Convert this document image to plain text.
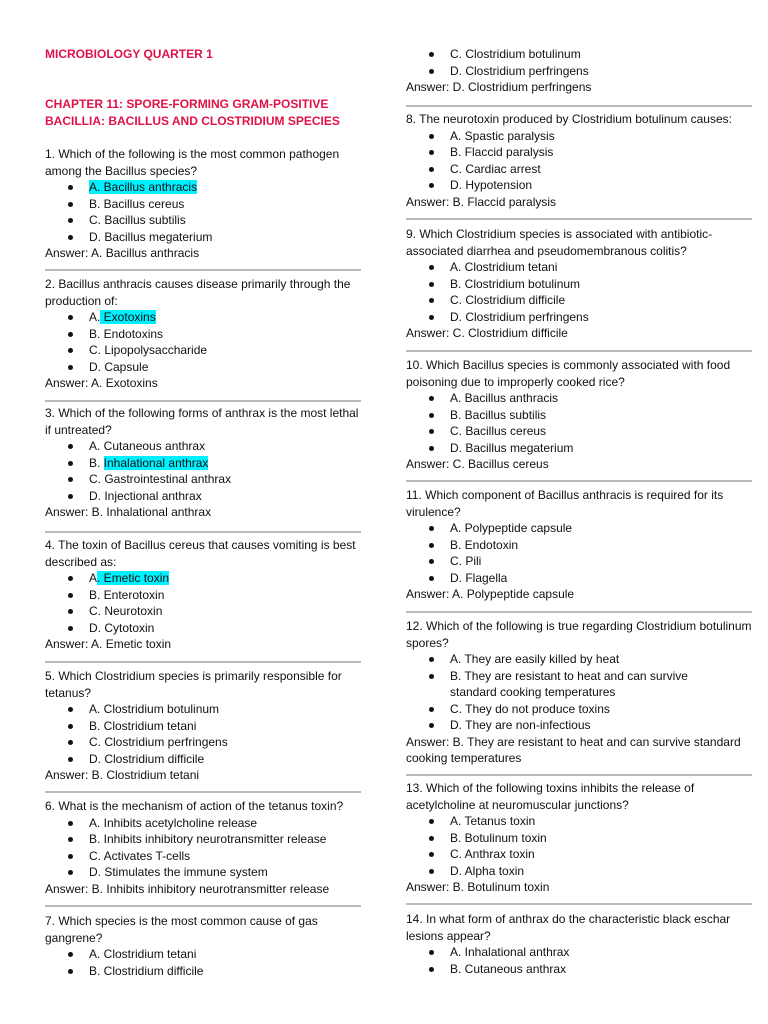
MICROBIOLOGY QUARTER 1
CHAPTER 11: SPORE-FORMING GRAM-POSITIVE
BACILLIA: BACILLUS AND CLOSTRIDIUM SPECIES

1. Which of the following is the most common pathogen among the Bacillus species?

A. Bacillus anthracis
B. Bacillus cereus
C. Bacillus subtilis
D. Bacillus megaterium

Answer: A. Bacillus anthracis

2. Bacillus anthracis causes disease primarily through the production of:

A. Exotoxins
B. Endotoxins
C. Lipopolysaccharide
D. Capsule

Answer: A. Exotoxins

3. Which of the following forms of anthrax is the most lethal if untreated?

A. Cutaneous anthrax
B. Inhalational anthrax
C. Gastrointestinal anthrax
D. Injectional anthrax

Answer: B. Inhalational anthrax

4. The toxin of Bacillus cereus that causes vomiting is best described as:

A. Emetic toxin
B. Enterotoxin
C. Neurotoxin
D. Cytotoxin

Answer: A. Emetic toxin

5. Which Clostridium species is primarily responsible for tetanus?

A. Clostridium botulinum
B. Clostridium tetani
C. Clostridium perfringens
D. Clostridium difficile

Answer: B. Clostridium tetani

6. What is the mechanism of action of the tetanus toxin?

A. Inhibits acetylcholine release
B. Inhibits inhibitory neurotransmitter release
C. Activates T-cells
D. Stimulates the immune system

Answer: B. Inhibits inhibitory neurotransmitter release

7. Which species is the most common cause of gas gangrene?

A. Clostridium tetani
B. Clostridium difficile
C. Clostridium botulinum
D. Clostridium perfringens

Answer: D. Clostridium perfringens

8. The neurotoxin produced by Clostridium botulinum causes:

A. Spastic paralysis
B. Flaccid paralysis
C. Cardiac arrest
D. Hypotension

Answer: B. Flaccid paralysis

9. Which Clostridium species is associated with antibiotic-associated diarrhea and pseudomembranous colitis?

A. Clostridium tetani
B. Clostridium botulinum
C. Clostridium difficile
D. Clostridium perfringens

Answer: C. Clostridium difficile

10. Which Bacillus species is commonly associated with food poisoning due to improperly cooked rice?

A. Bacillus anthracis
B. Bacillus subtilis
C. Bacillus cereus
D. Bacillus megaterium

Answer: C. Bacillus cereus

11. Which component of Bacillus anthracis is required for its virulence?

A. Polypeptide capsule
B. Endotoxin
C. Pili
D. Flagella

Answer: A. Polypeptide capsule

12. Which of the following is true regarding Clostridium botulinum spores?

A. They are easily killed by heat
B. They are resistant to heat and can survive
standard cooking temperatures
C. They do not produce toxins
D. They are non-infectious

Answer: B. They are resistant to heat and can survive standard cooking temperatures

13. Which of the following toxins inhibits the release of acetylcholine at neuromuscular junctions?

A. Tetanus toxin
B. Botulinum toxin
C. Anthrax toxin
D. Alpha toxin

Answer: B. Botulinum toxin

14. In what form of anthrax do the characteristic black eschar lesions appear?

A. Inhalational anthrax
B. Cutaneous anthrax
